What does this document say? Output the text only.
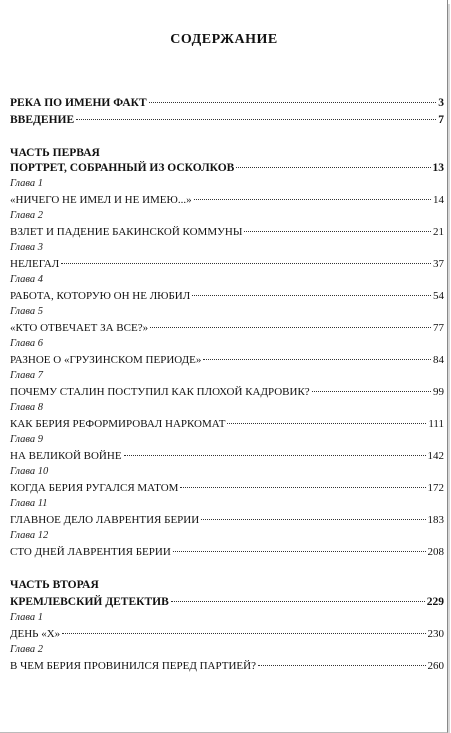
СОДЕРЖАНИЕ
РЕКА ПО ИМЕНИ ФАКТ	3
ВВЕДЕНИЕ	7
ЧАСТЬ ПЕРВАЯ
ПОРТРЕТ, СОБРАННЫЙ ИЗ ОСКОЛКОВ	13
Глава 1
«НИЧЕГО НЕ ИМЕЛ И НЕ ИМЕЮ...»	14
Глава 2
ВЗЛЕТ И ПАДЕНИЕ БАКИНСКОЙ КОММУНЫ	21
Глава 3
НЕЛЕГАЛ	37
Глава 4
РАБОТА, КОТОРУЮ ОН НЕ ЛЮБИЛ	54
Глава 5
«КТО ОТВЕЧАЕТ ЗА ВСЕ?»	77
Глава 6
РАЗНОЕ О «ГРУЗИНСКОМ ПЕРИОДЕ»	84
Глава 7
ПОЧЕМУ СТАЛИН ПОСТУПИЛ КАК ПЛОХОЙ КАДРОВИК?	99
Глава 8
КАК БЕРИЯ РЕФОРМИРОВАЛ НАРКОМАТ	111
Глава 9
НА ВЕЛИКОЙ ВОЙНЕ	142
Глава 10
КОГДА БЕРИЯ РУГАЛСЯ МАТОМ	172
Глава 11
ГЛАВНОЕ ДЕЛО ЛАВРЕНТИЯ БЕРИИ	183
Глава 12
СТО ДНЕЙ ЛАВРЕНТИЯ БЕРИИ	208
ЧАСТЬ ВТОРАЯ
КРЕМЛЕВСКИЙ ДЕТЕКТИВ	229
Глава 1
ДЕНЬ «Х»	230
Глава 2
В ЧЕМ БЕРИЯ ПРОВИНИЛСЯ ПЕРЕД ПАРТИЕЙ?	260
